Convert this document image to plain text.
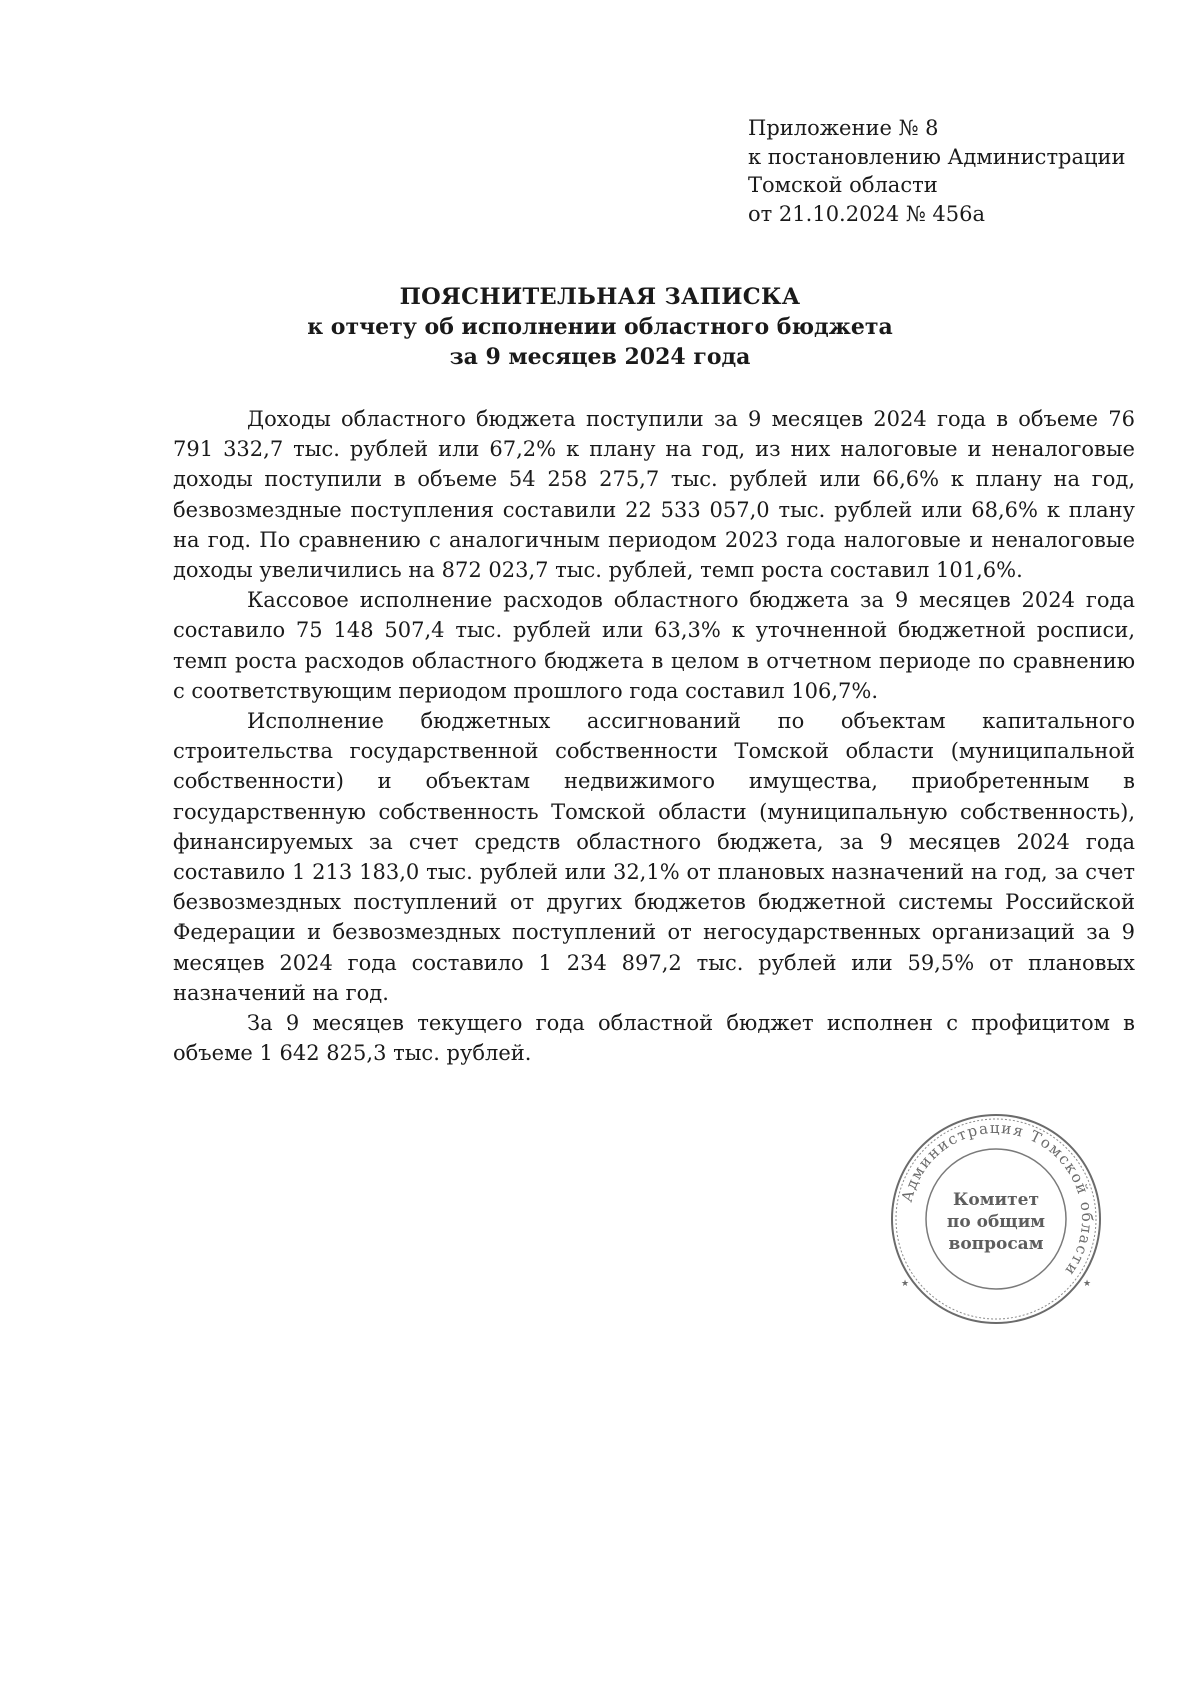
Приложение № 8
к постановлению Администрации
Томской области
от 21.10.2024 № 456а
ПОЯСНИТЕЛЬНАЯ ЗАПИСКА
к отчету об исполнении областного бюджета
за 9 месяцев 2024 года

Доходы областного бюджета поступили за 9 месяцев 2024 года в объеме 76 791 332,7 тыс. рублей или 67,2% к плану на год, из них налоговые и неналоговые доходы поступили в объеме 54 258 275,7 тыс. рублей или 66,6% к плану на год, безвозмездные поступления составили 22 533 057,0 тыс. рублей или 68,6% к плану на год. По сравнению с аналогичным периодом 2023 года налоговые и неналоговые доходы увеличились на 872 023,7 тыс. рублей, темп роста составил 101,6%.

Кассовое исполнение расходов областного бюджета за 9 месяцев 2024 года составило 75 148 507,4 тыс. рублей или 63,3% к уточненной бюджетной росписи, темп роста расходов областного бюджета в целом в отчетном периоде по сравнению с соответствующим периодом прошлого года составил 106,7%.

Исполнение бюджетных ассигнований по объектам капитального строительства государственной собственности Томской области (муниципальной собственности) и объектам недвижимого имущества, приобретенным в государственную собственность Томской области (муниципальную собственность), финансируемых за счет средств областного бюджета, за 9 месяцев 2024 года составило 1 213 183,0 тыс. рублей или 32,1% от плановых назначений на год, за счет безвозмездных поступлений от других бюджетов бюджетной системы Российской Федерации и безвозмездных поступлений от негосударственных организаций за 9 месяцев 2024 года составило 1 234 897,2 тыс. рублей или 59,5% от плановых назначений на год.

За 9 месяцев текущего года областной бюджет исполнен с профицитом в объеме 1 642 825,3 тыс. рублей.

Администрация Томской области
★	★
Комитет
по общим
вопросам
